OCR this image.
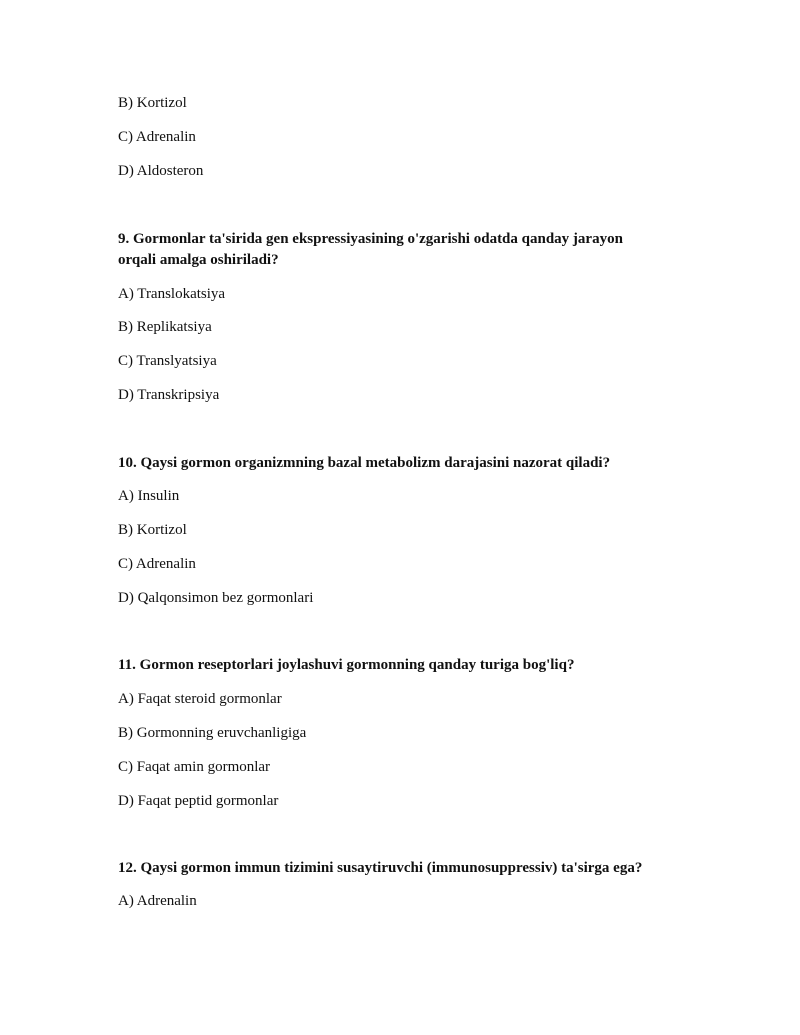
B) Kortizol
C) Adrenalin
D) Aldosteron
9. Gormonlar ta'sirida gen ekspressiyasining o'zgarishi odatda qanday jarayon
orqali amalga oshiriladi?
A) Translokatsiya
B) Replikatsiya
C) Translyatsiya
D) Transkripsiya
10. Qaysi gormon organizmning bazal metabolizm darajasini nazorat qiladi?
A) Insulin
B) Kortizol
C) Adrenalin
D) Qalqonsimon bez gormonlari
11. Gormon reseptorlari joylashuvi gormonning qanday turiga bog'liq?
A) Faqat steroid gormonlar
B) Gormonning eruvchanligiga
C) Faqat amin gormonlar
D) Faqat peptid gormonlar
12. Qaysi gormon immun tizimini susaytiruvchi (immunosuppressiv) ta'sirga ega?
A) Adrenalin
